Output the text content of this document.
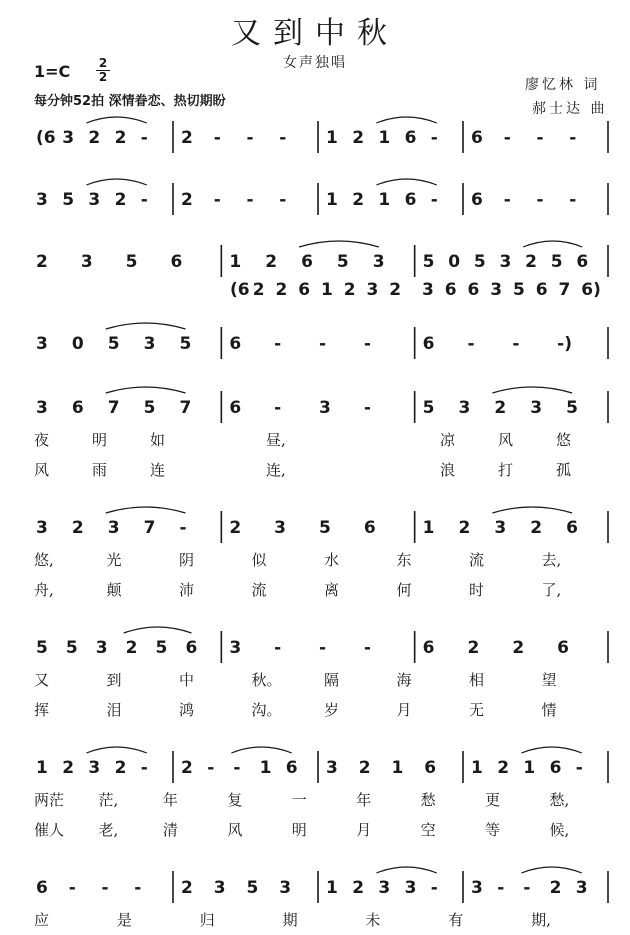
又到中秋
女声独唱
1=C 2
2
每分钟52拍 深情眷恋、热切期盼
廖忆林 词
郝士达 曲
(6 3 2 2 - 2 - - - 1 2 1 6 - 6 - - -
3 5 3 2 - 2 - - - 1 2 1 6 - 6 - - -
2 3 5 6	1 2 6 5 3 5 0 5 3 2 5 6
(6 2 2 6 1 2 3 2 3 6 6 3 5 6 7 6)
3 0 5 3 5 6 - - -	6 - - -)
3 6 7 5 7 6 - 3 -	5 3 2 3 5
夜	明	如	昼,	凉	风	悠
风	雨	连	连,	浪	打	孤
3 2 3 7 -	2 3 5 6	1 2 3 2 6
悠,	光	阴	似	水	东	流	去,
舟,	颠	沛	流	离	何	时	了,
5 5 3 2 5 6 3 - - -	6 2 2 6
又	到	中	秋。	隔	海	相	望
挥	泪	鸿	沟。	岁	月	无	情
1 2 3 2 - 2 - - 1 6 3 2 1 6 1 2 1 6 -
两茫 茫,	年	复	一	年	愁	更	愁,
催人 老,	清	风	明	月	空	等	候,
6 - - - 2 3 5 3 1 2 3 3 - 3 - - 2 3
应	是	归	期	未	有	期,
